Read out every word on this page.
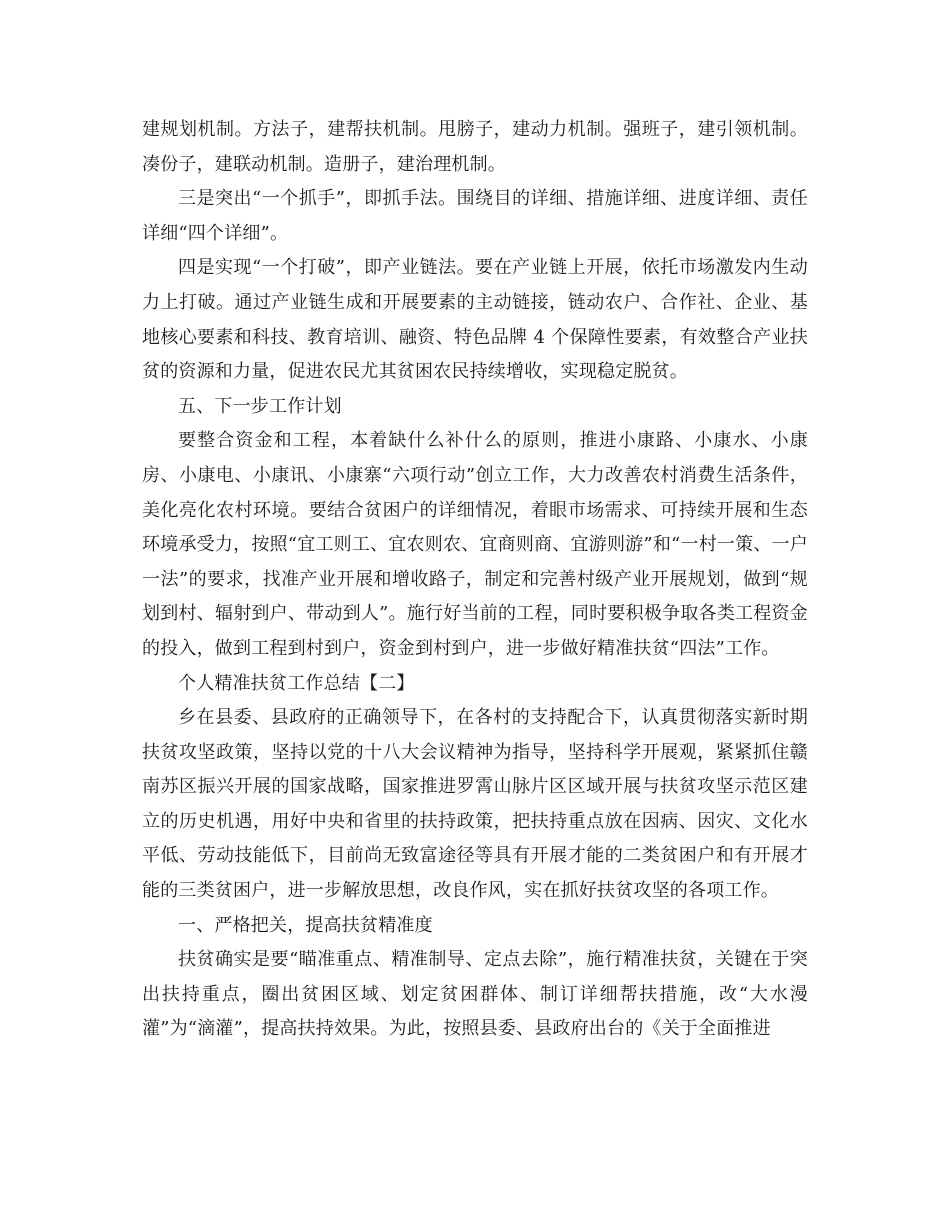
建规划机制。方法子，建帮扶机制。甩膀子，建动力机制。强班子，建引领机制。凑份子，建联动机制。造册子，建治理机制。

三是突出“一个抓手”，即抓手法。围绕目的详细、措施详细、进度详细、责任详细“四个详细”。

四是实现“一个打破”，即产业链法。要在产业链上开展，依托市场激发内生动力上打破。通过产业链生成和开展要素的主动链接，链动农户、合作社、企业、基地核心要素和科技、教育培训、融资、特色品牌 4 个保障性要素，有效整合产业扶贫的资源和力量，促进农民尤其贫困农民持续增收，实现稳定脱贫。

五、下一步工作计划

要整合资金和工程，本着缺什么补什么的原则，推进小康路、小康水、小康房、小康电、小康讯、小康寨“六项行动”创立工作，大力改善农村消费生活条件，美化亮化农村环境。要结合贫困户的详细情况，着眼市场需求、可持续开展和生态环境承受力，按照“宜工则工、宜农则农、宜商则商、宜游则游”和“一村一策、一户一法”的要求，找准产业开展和增收路子，制定和完善村级产业开展规划，做到“规划到村、辐射到户、带动到人”。施行好当前的工程，同时要积极争取各类工程资金的投入，做到工程到村到户，资金到村到户，进一步做好精准扶贫“四法”工作。

个人精准扶贫工作总结【二】

乡在县委、县政府的正确领导下，在各村的支持配合下，认真贯彻落实新时期扶贫攻坚政策，坚持以党的十八大会议精神为指导，坚持科学开展观，紧紧抓住赣南苏区振兴开展的国家战略，国家推进罗霄山脉片区区域开展与扶贫攻坚示范区建立的历史机遇，用好中央和省里的扶持政策，把扶持重点放在因病、因灾、文化水平低、劳动技能低下，目前尚无致富途径等具有开展才能的二类贫困户和有开展才能的三类贫困户，进一步解放思想，改良作风，实在抓好扶贫攻坚的各项工作。

一、严格把关，提高扶贫精准度

扶贫确实是要“瞄准重点、精准制导、定点去除”，施行精准扶贫，关键在于突出扶持重点，圈出贫困区域、划定贫困群体、制订详细帮扶措施，改“大水漫灌”为“滴灌”，提高扶持效果。为此，按照县委、县政府出台的《关于全面推进
